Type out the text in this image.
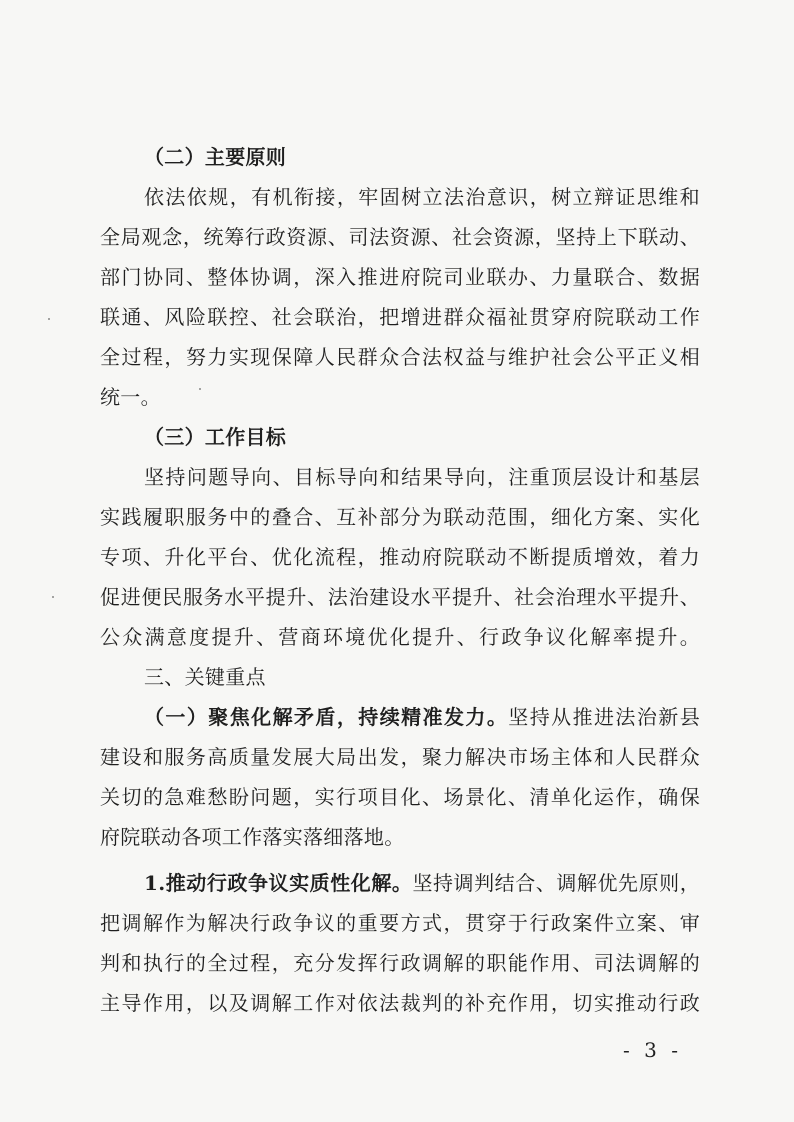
（二）主要原则
依法依规，有机衔接，牢固树立法治意识，树立辩证思维和
全局观念，统筹行政资源、司法资源、社会资源，坚持上下联动、
部门协同、整体协调，深入推进府院司业联办、力量联合、数据
联通、风险联控、社会联治，把增进群众福祉贯穿府院联动工作
全过程，努力实现保障人民群众合法权益与维护社会公平正义相
统一。
（三）工作目标
坚持问题导向、目标导向和结果导向，注重顶层设计和基层
实践履职服务中的叠合、互补部分为联动范围，细化方案、实化
专项、升化平台、优化流程，推动府院联动不断提质增效，着力
促进便民服务水平提升、法治建设水平提升、社会治理水平提升、
公众满意度提升、营商环境优化提升、行政争议化解率提升。
三、关键重点
（一）聚焦化解矛盾，持续精准发力。坚持从推进法治新县
建设和服务高质量发展大局出发，聚力解决市场主体和人民群众
关切的急难愁盼问题，实行项目化、场景化、清单化运作，确保
府院联动各项工作落实落细落地。
1.推动行政争议实质性化解。坚持调判结合、调解优先原则，
把调解作为解决行政争议的重要方式，贯穿于行政案件立案、审
判和执行的全过程，充分发挥行政调解的职能作用、司法调解的
主导作用，以及调解工作对依法裁判的补充作用，切实推动行政
- 3 -
